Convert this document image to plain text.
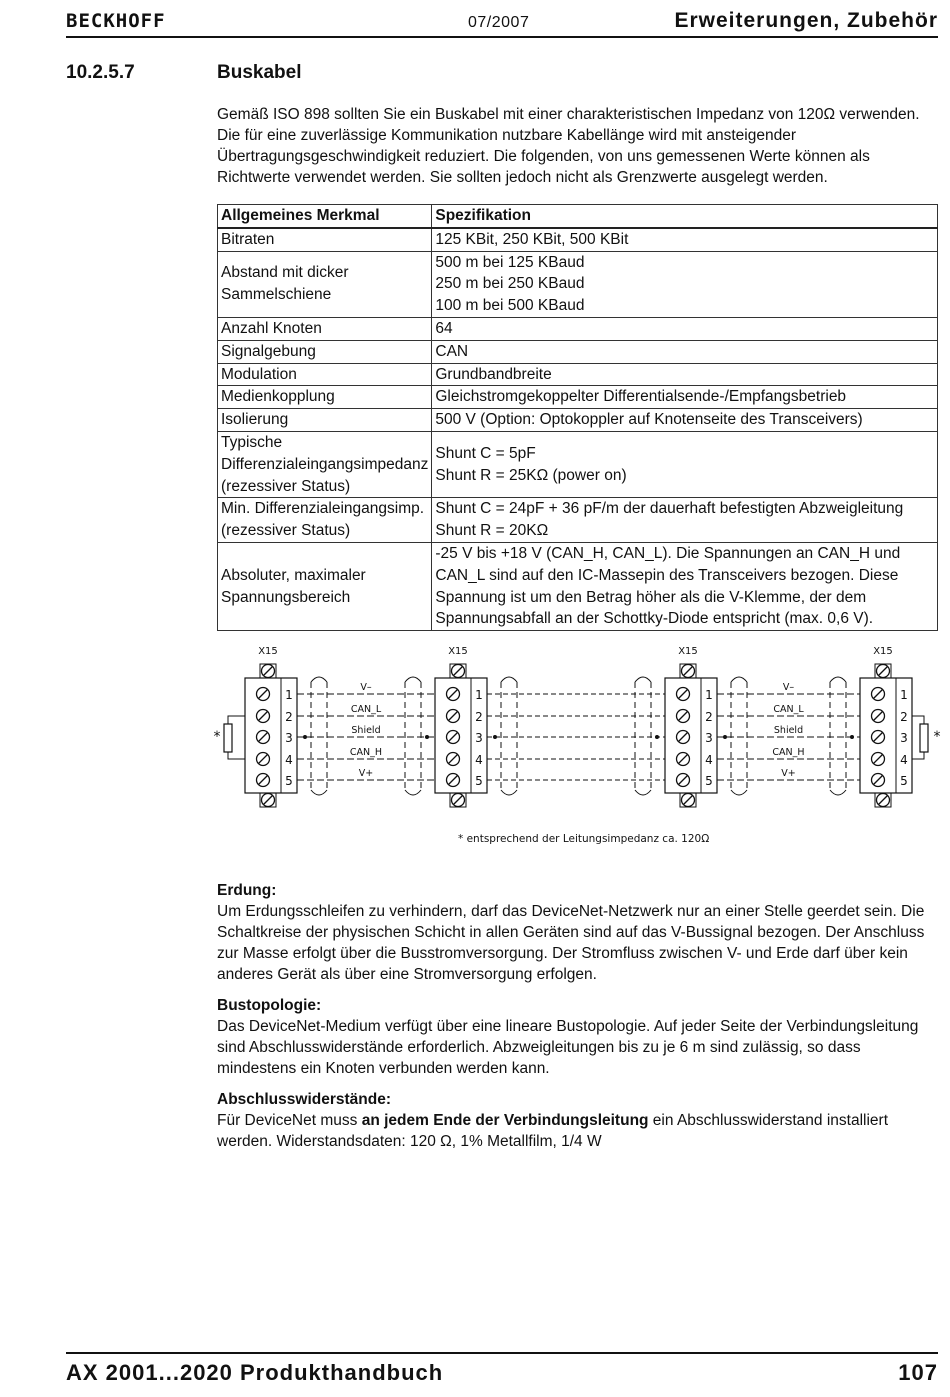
BECKHOFF	07/2007	Erweiterungen, Zubehör
10.2.5.7	Buskabel
Gemäß ISO 898 sollten Sie ein Buskabel mit einer charakteristischen Impedanz von 120Ω verwenden. Die für eine zuverlässige Kommunikation nutzbare Kabellänge wird mit ansteigender Übertragungsgeschwindigkeit reduziert. Die folgenden, von uns gemessenen Werte können als Richtwerte verwendet werden. Sie sollten jedoch nicht als Grenzwerte ausgelegt werden.
Allgemeines Merkmal	Spezifikation
Bitraten	125 KBit, 250 KBit, 500 KBit

Abstand mit dicker Sammelschiene	500 m bei 125 KBaud
250 m bei 250 KBaud
100 m bei 500 KBaud

Anzahl Knoten	64

Signalgebung	CAN

Modulation	Grundbandbreite

Medienkopplung	Gleichstromgekoppelter Differentialsende-/Empfangsbetrieb

Isolierung	500 V (Option: Optokoppler auf Knotenseite des Transceivers)

Typische Differenzialeingangsimpedanz (rezessiver Status)	Shunt C = 5pF
Shunt R = 25KΩ (power on)

Min. Differenzialeingangsimp. (rezessiver Status)	Shunt C = 24pF + 36 pF/m der dauerhaft befestigten Abzweigleitung
Shunt R = 20KΩ

Absoluter, maximaler Spannungsbereich	-25 V bis +18 V (CAN_H, CAN_L). Die Spannungen an CAN_H und CAN_L sind auf den IC-Massepin des Transceivers bezogen. Diese Spannung ist um den Betrag höher als die V-Klemme, der dem Spannungsabfall an der Schottky-Diode entspricht (max. 0,6 V).
X15
1
2
3
4
5
X15
1
2
3
4
5
X15
1
2
3
4
5
X15
1
2
3
4
5
V–
CAN_L
Shield
CAN_H
V+
V–
CAN_L
Shield
CAN_H
V+
*	*
* entsprechend der Leitungsimpedanz ca. 120Ω
Erdung:

Um Erdungsschleifen zu verhindern, darf das DeviceNet-Netzwerk nur an einer Stelle geerdet sein. Die Schaltkreise der physischen Schicht in allen Geräten sind auf das V-Bussignal bezogen. Der Anschluss zur Masse erfolgt über die Busstromversorgung. Der Stromfluss zwischen V- und Erde darf über kein anderes Gerät als über eine Stromversorgung erfolgen.

Bustopologie:

Das DeviceNet-Medium verfügt über eine lineare Bustopologie. Auf jeder Seite der Verbindungsleitung sind Abschlusswiderstände erforderlich. Abzweigleitungen bis zu je 6 m sind zulässig, so dass mindestens ein Knoten verbunden werden kann.

Abschlusswiderstände:

Für DeviceNet muss an jedem Ende der Verbindungsleitung ein Abschlusswiderstand installiert werden. Widerstandsdaten: 120 Ω, 1% Metallfilm, 1/4 W

AX 2001...2020 Produkthandbuch	107
